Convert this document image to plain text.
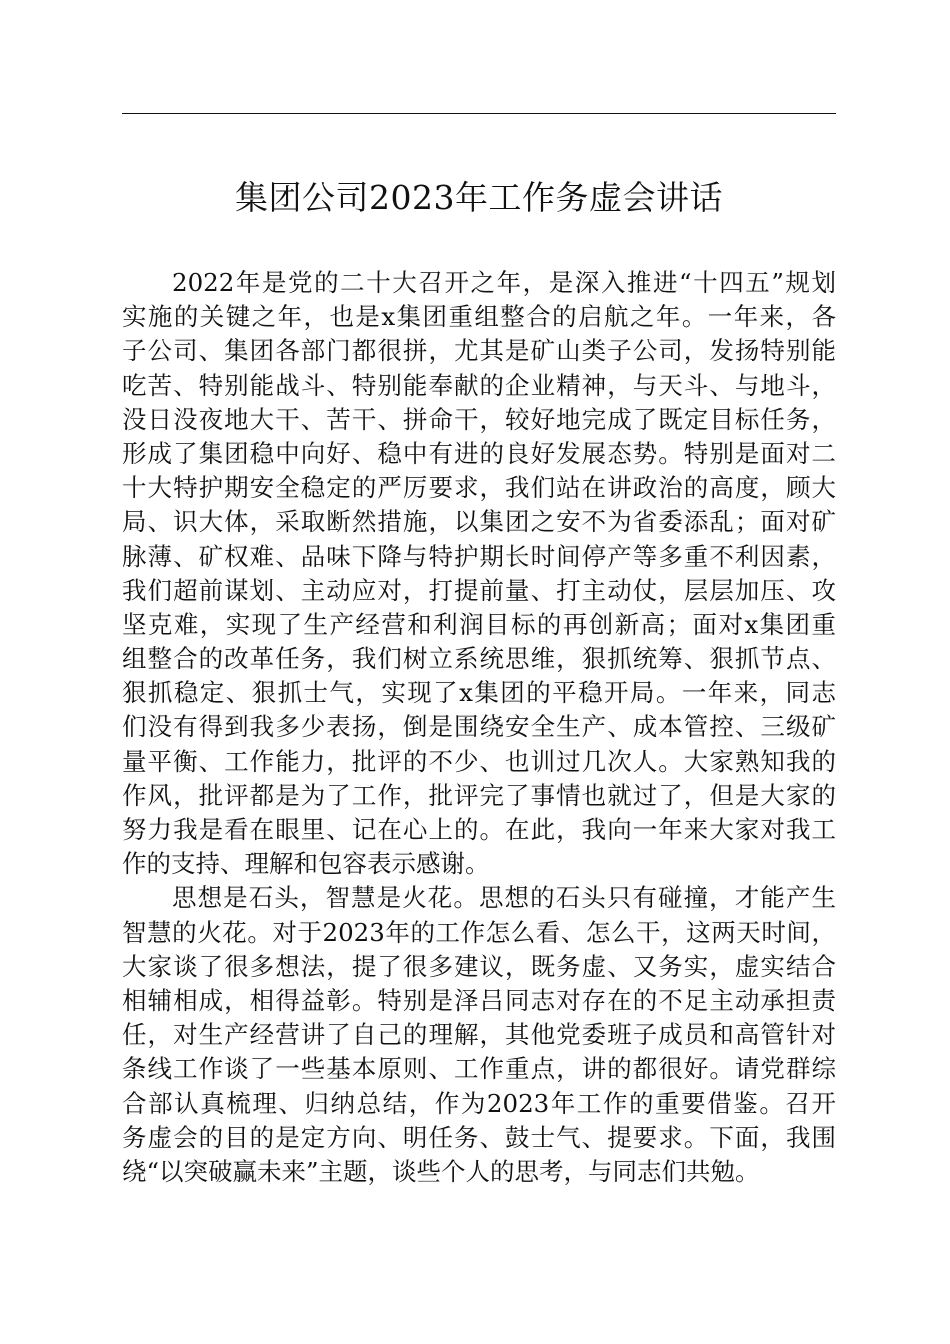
集团公司2023年工作务虚会讲话
2022年是党的二十大召开之年，是深入推进“十四五”规划
实施的关键之年，也是x集团重组整合的启航之年。一年来，各
子公司、集团各部门都很拼，尤其是矿山类子公司，发扬特别能
吃苦、特别能战斗、特别能奉献的企业精神，与天斗、与地斗，
没日没夜地大干、苦干、拼命干，较好地完成了既定目标任务，
形成了集团稳中向好、稳中有进的良好发展态势。特别是面对二
十大特护期安全稳定的严厉要求，我们站在讲政治的高度，顾大
局、识大体，采取断然措施，以集团之安不为省委添乱；面对矿
脉薄、矿权难、品味下降与特护期长时间停产等多重不利因素，
我们超前谋划、主动应对，打提前量、打主动仗，层层加压、攻
坚克难，实现了生产经营和利润目标的再创新高；面对x集团重
组整合的改革任务，我们树立系统思维，狠抓统筹、狠抓节点、
狠抓稳定、狠抓士气，实现了x集团的平稳开局。一年来，同志
们没有得到我多少表扬，倒是围绕安全生产、成本管控、三级矿
量平衡、工作能力，批评的不少、也训过几次人。大家熟知我的
作风，批评都是为了工作，批评完了事情也就过了，但是大家的
努力我是看在眼里、记在心上的。在此，我向一年来大家对我工
作的支持、理解和包容表示感谢。
思想是石头，智慧是火花。思想的石头只有碰撞，才能产生
智慧的火花。对于2023年的工作怎么看、怎么干，这两天时间，
大家谈了很多想法，提了很多建议，既务虚、又务实，虚实结合
相辅相成，相得益彰。特别是泽吕同志对存在的不足主动承担责
任，对生产经营讲了自己的理解，其他党委班子成员和高管针对
条线工作谈了一些基本原则、工作重点，讲的都很好。请党群综
合部认真梳理、归纳总结，作为2023年工作的重要借鉴。召开
务虚会的目的是定方向、明任务、鼓士气、提要求。下面，我围
绕“以突破赢未来”主题，谈些个人的思考，与同志们共勉。
